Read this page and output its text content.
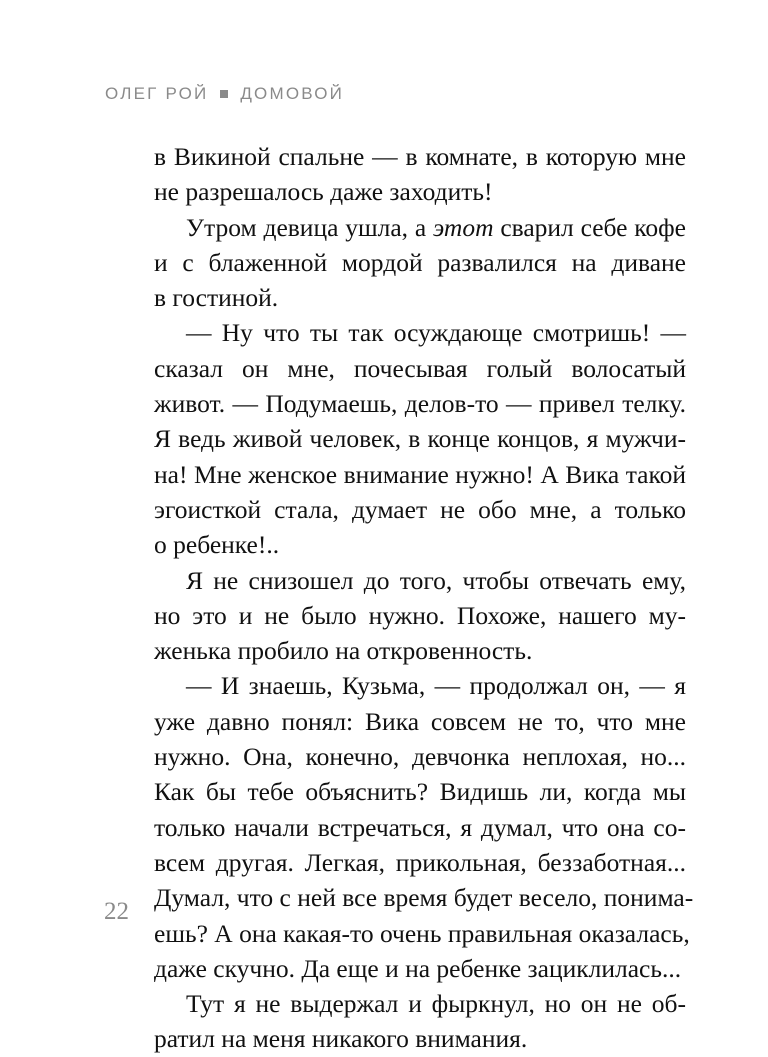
ОЛЕГ РОЙ ДОМОВОЙ
в Викиной спальне — в комнате, в которую мне
не разрешалось даже заходить!
Утром девица ушла, а этот сварил себе кофе
и с блаженной мордой развалился на диване
в гостиной.
— Ну что ты так осуждающе смотришь! —
сказал он мне, почесывая голый волосатый
живот. — Подумаешь, делов-то — привел телку.
Я ведь живой человек, в конце концов, я мужчи-
на! Мне женское внимание нужно! А Вика такой
эгоисткой стала, думает не обо мне, а только
о ребенке!..
Я не снизошел до того, чтобы отвечать ему,
но это и не было нужно. Похоже, нашего му-
женька пробило на откровенность.
— И знаешь, Кузьма, — продолжал он, — я
уже давно понял: Вика совсем не то, что мне
нужно. Она, конечно, девчонка неплохая, но...
Как бы тебе объяснить? Видишь ли, когда мы
только начали встречаться, я думал, что она со-
всем другая. Легкая, прикольная, беззаботная...
Думал, что с ней все время будет весело, понима-
ешь? А она какая-то очень правильная оказалась,
даже скучно. Да еще и на ребенке зациклилась...
Тут я не выдержал и фыркнул, но он не об-
ратил на меня никакого внимания.
22
